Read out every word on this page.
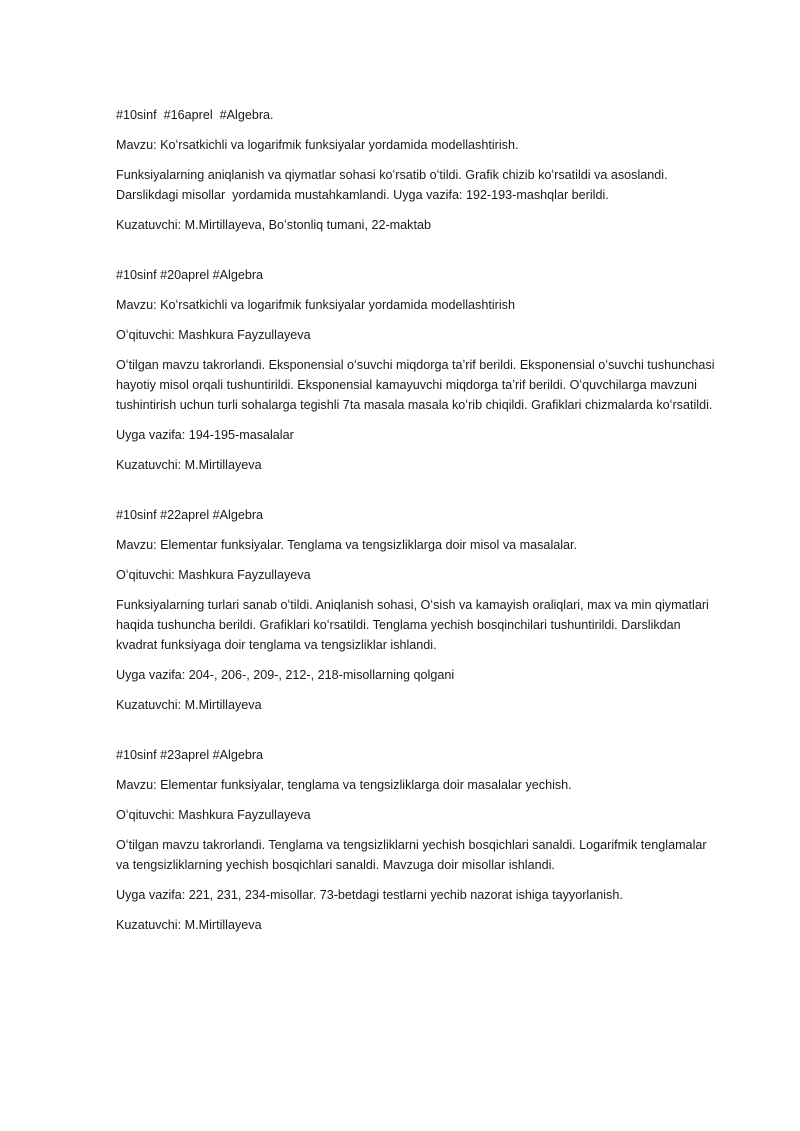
#10sinf  #16aprel  #Algebra.

Mavzu: Koʻrsatkichli va logarifmik funksiyalar yordamida modellashtirish.

Funksiyalarning aniqlanish va qiymatlar sohasi koʻrsatib oʻtildi. Grafik chizib koʻrsatildi va asoslandi. Darslikdagi misollar  yordamida mustahkamlandi. Uyga vazifa: 192-193-mashqlar berildi.

Kuzatuvchi: M.Mirtillayeva, Boʻstonliq tumani, 22-maktab

#10sinf #20aprel #Algebra

Mavzu: Koʻrsatkichli va logarifmik funksiyalar yordamida modellashtirish

Oʻqituvchi: Mashkura Fayzullayeva

Oʻtilgan mavzu takrorlandi. Eksponensial oʻsuvchi miqdorga taʼrif berildi. Eksponensial oʻsuvchi tushunchasi hayotiy misol orqali tushuntirildi. Eksponensial kamayuvchi miqdorga taʼrif berildi. Oʻquvchilarga mavzuni tushintirish uchun turli sohalarga tegishli 7ta masala masala koʻrib chiqildi. Grafiklari chizmalarda koʻrsatildi.

Uyga vazifa: 194-195-masalalar

Kuzatuvchi: M.Mirtillayeva

#10sinf #22aprel #Algebra

Mavzu: Elementar funksiyalar. Tenglama va tengsizliklarga doir misol va masalalar.

Oʻqituvchi: Mashkura Fayzullayeva

Funksiyalarning turlari sanab oʻtildi. Aniqlanish sohasi, Oʻsish va kamayish oraliqlari, max va min qiymatlari haqida tushuncha berildi. Grafiklari koʻrsatildi. Tenglama yechish bosqinchilari tushuntirildi. Darslikdan kvadrat funksiyaga doir tenglama va tengsizliklar ishlandi.

Uyga vazifa: 204-, 206-, 209-, 212-, 218-misollarning qolgani

Kuzatuvchi: M.Mirtillayeva

#10sinf #23aprel #Algebra

Mavzu: Elementar funksiyalar, tenglama va tengsizliklarga doir masalalar yechish.

Oʻqituvchi: Mashkura Fayzullayeva

Oʻtilgan mavzu takrorlandi. Tenglama va tengsizliklarni yechish bosqichlari sanaldi. Logarifmik tenglamalar va tengsizliklarning yechish bosqichlari sanaldi. Mavzuga doir misollar ishlandi.

Uyga vazifa: 221, 231, 234-misollar. 73-betdagi testlarni yechib nazorat ishiga tayyorlanish.

Kuzatuvchi: M.Mirtillayeva
